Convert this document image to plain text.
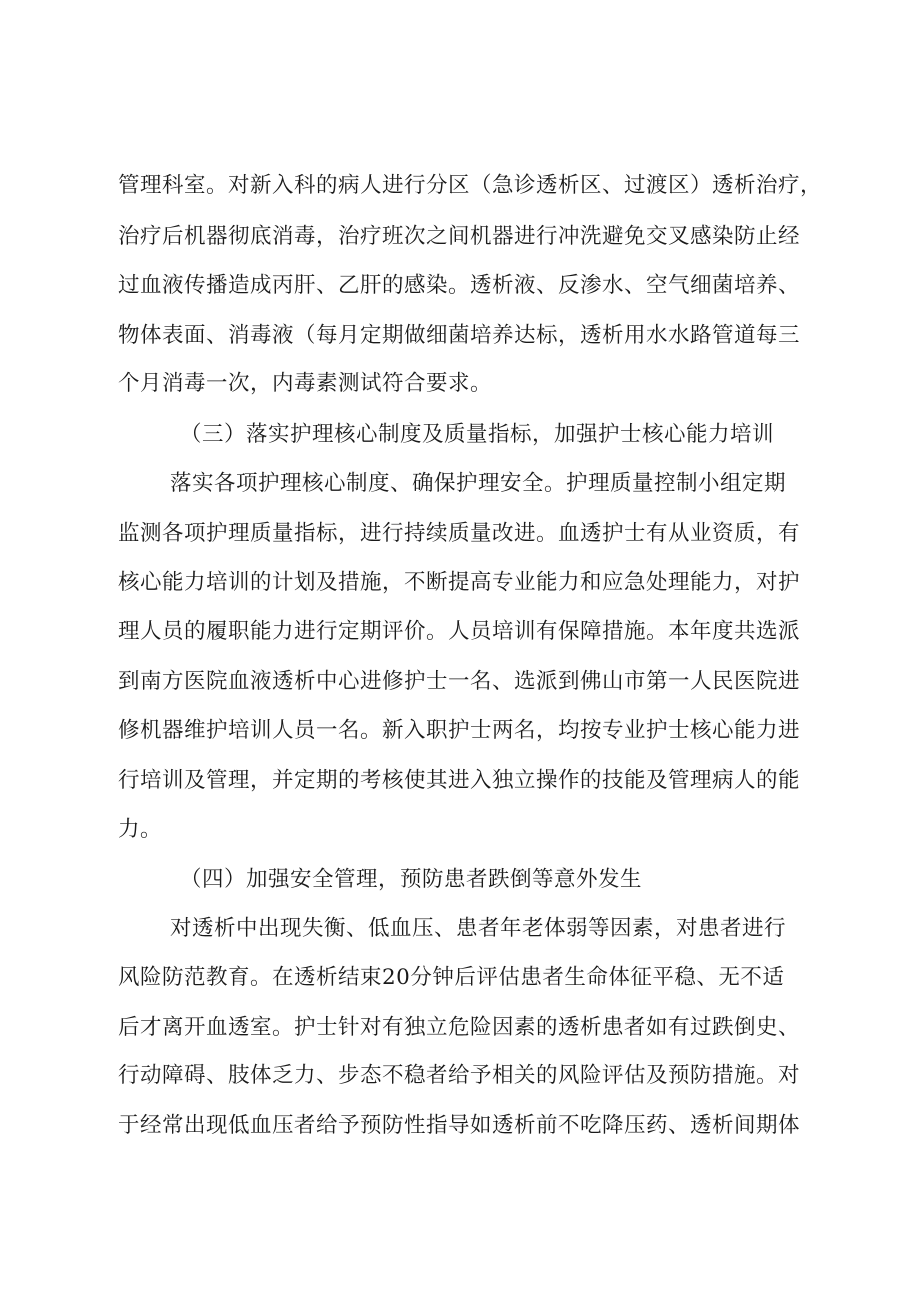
管理科室。对新入科的病人进行分区（急诊透析区、过渡区）透析治疗，
治疗后机器彻底消毒，治疗班次之间机器进行冲洗避免交叉感染防止经
过血液传播造成丙肝、乙肝的感染。透析液、反渗水、空气细菌培养、
物体表面、消毒液（每月定期做细菌培养达标，透析用水水路管道每三
个月消毒一次，内毒素测试符合要求。
（三）落实护理核心制度及质量指标，加强护士核心能力培训
落实各项护理核心制度、确保护理安全。护理质量控制小组定期
监测各项护理质量指标，进行持续质量改进。血透护士有从业资质，有
核心能力培训的计划及措施，不断提高专业能力和应急处理能力，对护
理人员的履职能力进行定期评价。人员培训有保障措施。本年度共选派
到南方医院血液透析中心进修护士一名、选派到佛山市第一人民医院进
修机器维护培训人员一名。新入职护士两名，均按专业护士核心能力进
行培训及管理，并定期的考核使其进入独立操作的技能及管理病人的能
力。
（四）加强安全管理，预防患者跌倒等意外发生
对透析中出现失衡、低血压、患者年老体弱等因素，对患者进行
风险防范教育。在透析结束20分钟后评估患者生命体征平稳、无不适
后才离开血透室。护士针对有独立危险因素的透析患者如有过跌倒史、
行动障碍、肢体乏力、步态不稳者给予相关的风险评估及预防措施。对
于经常出现低血压者给予预防性指导如透析前不吃降压药、透析间期体
